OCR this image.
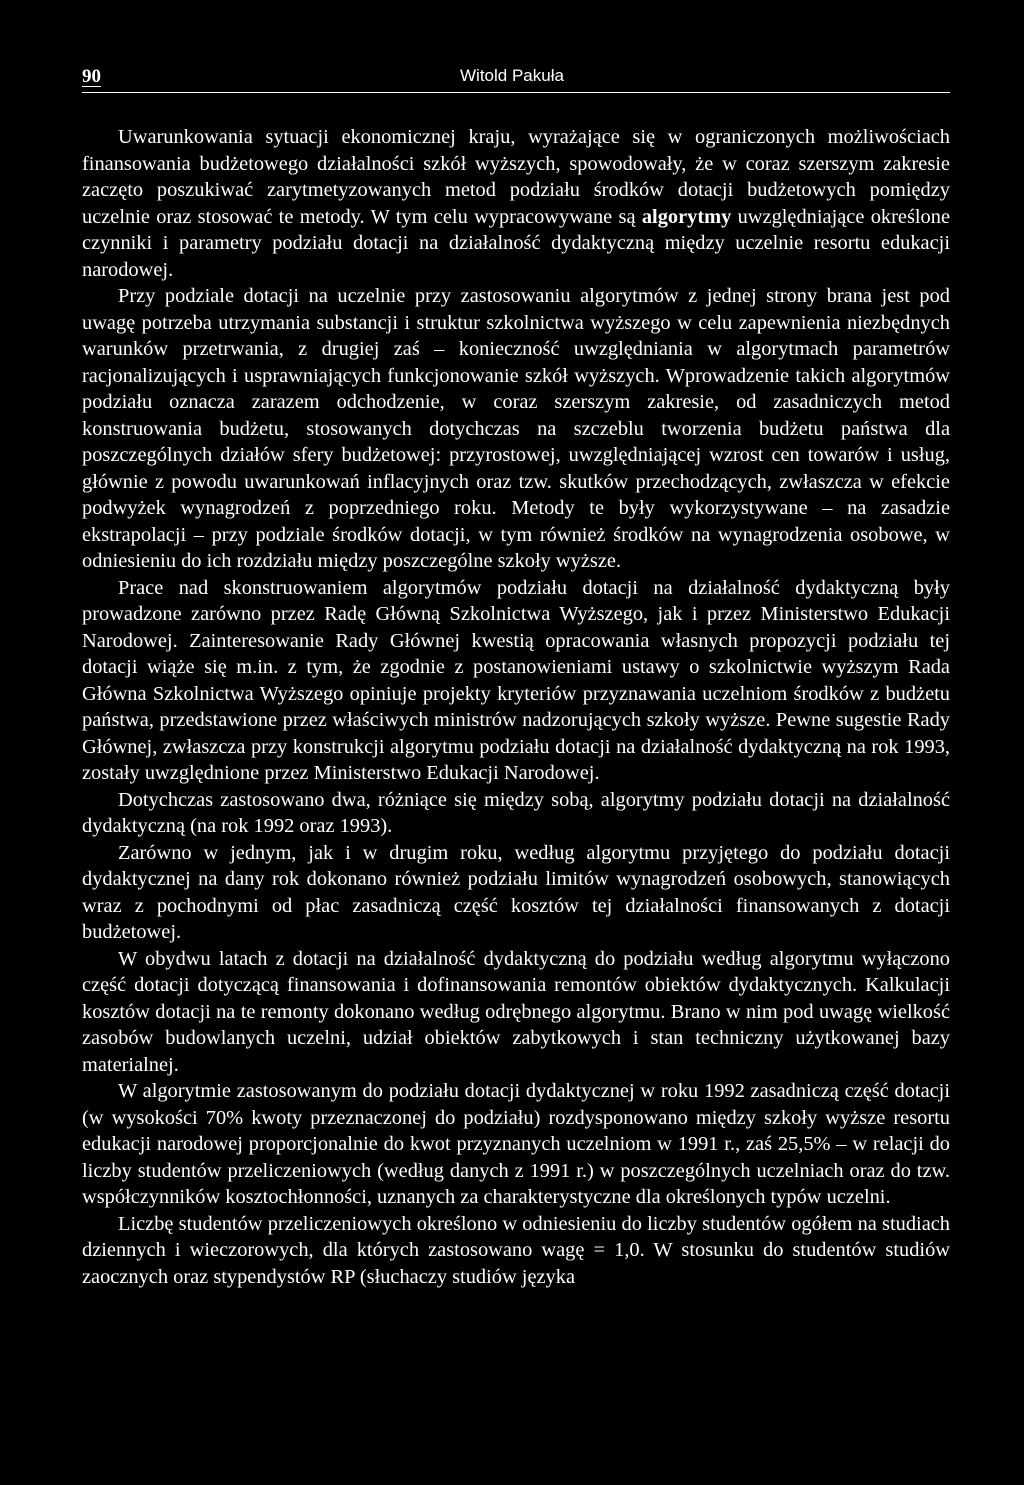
90	Witold Pakuła

Uwarunkowania sytuacji ekonomicznej kraju, wyrażające się w ograniczonych możliwościach finansowania budżetowego działalności szkół wyższych, spowodowały, że w coraz szerszym zakresie zaczęto poszukiwać zarytmetyzowanych metod podziału środków dotacji budżetowych pomiędzy uczelnie oraz stosować te metody. W tym celu wypracowywane są algorytmy uwzględniające określone czynniki i parametry podziału dotacji na działalność dydaktyczną między uczelnie resortu edukacji narodowej.

Przy podziale dotacji na uczelnie przy zastosowaniu algorytmów z jednej strony brana jest pod uwagę potrzeba utrzymania substancji i struktur szkolnictwa wyższego w celu zapewnienia niezbędnych warunków przetrwania, z drugiej zaś – konieczność uwzględniania w algorytmach parametrów racjonalizujących i usprawniających funkcjonowanie szkół wyższych. Wprowadzenie takich algorytmów podziału oznacza zarazem odchodzenie, w coraz szerszym zakresie, od zasadniczych metod konstruowania budżetu, stosowanych dotychczas na szczeblu tworzenia budżetu państwa dla poszczególnych działów sfery budżetowej: przyrostowej, uwzględniającej wzrost cen towarów i usług, głównie z powodu uwarunkowań inflacyjnych oraz tzw. skutków przechodzących, zwłaszcza w efekcie podwyżek wynagrodzeń z poprzedniego roku. Metody te były wykorzystywane – na zasadzie ekstrapolacji – przy podziale środków dotacji, w tym również środków na wynagrodzenia osobowe, w odniesieniu do ich rozdziału między poszczególne szkoły wyższe.

Prace nad skonstruowaniem algorytmów podziału dotacji na działalność dydaktyczną były prowadzone zarówno przez Radę Główną Szkolnictwa Wyższego, jak i przez Ministerstwo Edukacji Narodowej. Zainteresowanie Rady Głównej kwestią opracowania własnych propozycji podziału tej dotacji wiąże się m.in. z tym, że zgodnie z postanowieniami ustawy o szkolnictwie wyższym Rada Główna Szkolnictwa Wyższego opiniuje projekty kryteriów przyznawania uczelniom środków z budżetu państwa, przedstawione przez właściwych ministrów nadzorujących szkoły wyższe. Pewne sugestie Rady Głównej, zwłaszcza przy konstrukcji algorytmu podziału dotacji na działalność dydaktyczną na rok 1993, zostały uwzględnione przez Ministerstwo Edukacji Narodowej.

Dotychczas zastosowano dwa, różniące się między sobą, algorytmy podziału dotacji na działalność dydaktyczną (na rok 1992 oraz 1993).

Zarówno w jednym, jak i w drugim roku, według algorytmu przyjętego do podziału dotacji dydaktycznej na dany rok dokonano również podziału limitów wynagrodzeń osobowych, stanowiących wraz z pochodnymi od płac zasadniczą część kosztów tej działalności finansowanych z dotacji budżetowej.

W obydwu latach z dotacji na działalność dydaktyczną do podziału według algorytmu wyłączono część dotacji dotyczącą finansowania i dofinansowania remontów obiektów dydaktycznych. Kalkulacji kosztów dotacji na te remonty dokonano według odrębnego algorytmu. Brano w nim pod uwagę wielkość zasobów budowlanych uczelni, udział obiektów zabytkowych i stan techniczny użytkowanej bazy materialnej.

W algorytmie zastosowanym do podziału dotacji dydaktycznej w roku 1992 zasadniczą część dotacji (w wysokości 70% kwoty przeznaczonej do podziału) rozdysponowano między szkoły wyższe resortu edukacji narodowej proporcjonalnie do kwot przyznanych uczelniom w 1991 r., zaś 25,5% – w relacji do liczby studentów przeliczeniowych (według danych z 1991 r.) w poszczególnych uczelniach oraz do tzw. współczynników kosztochłonności, uznanych za charakterystyczne dla określonych typów uczelni.

Liczbę studentów przeliczeniowych określono w odniesieniu do liczby studentów ogółem na studiach dziennych i wieczorowych, dla których zastosowano wagę = 1,0. W stosunku do studentów studiów zaocznych oraz stypendystów RP (słuchaczy studiów języka
